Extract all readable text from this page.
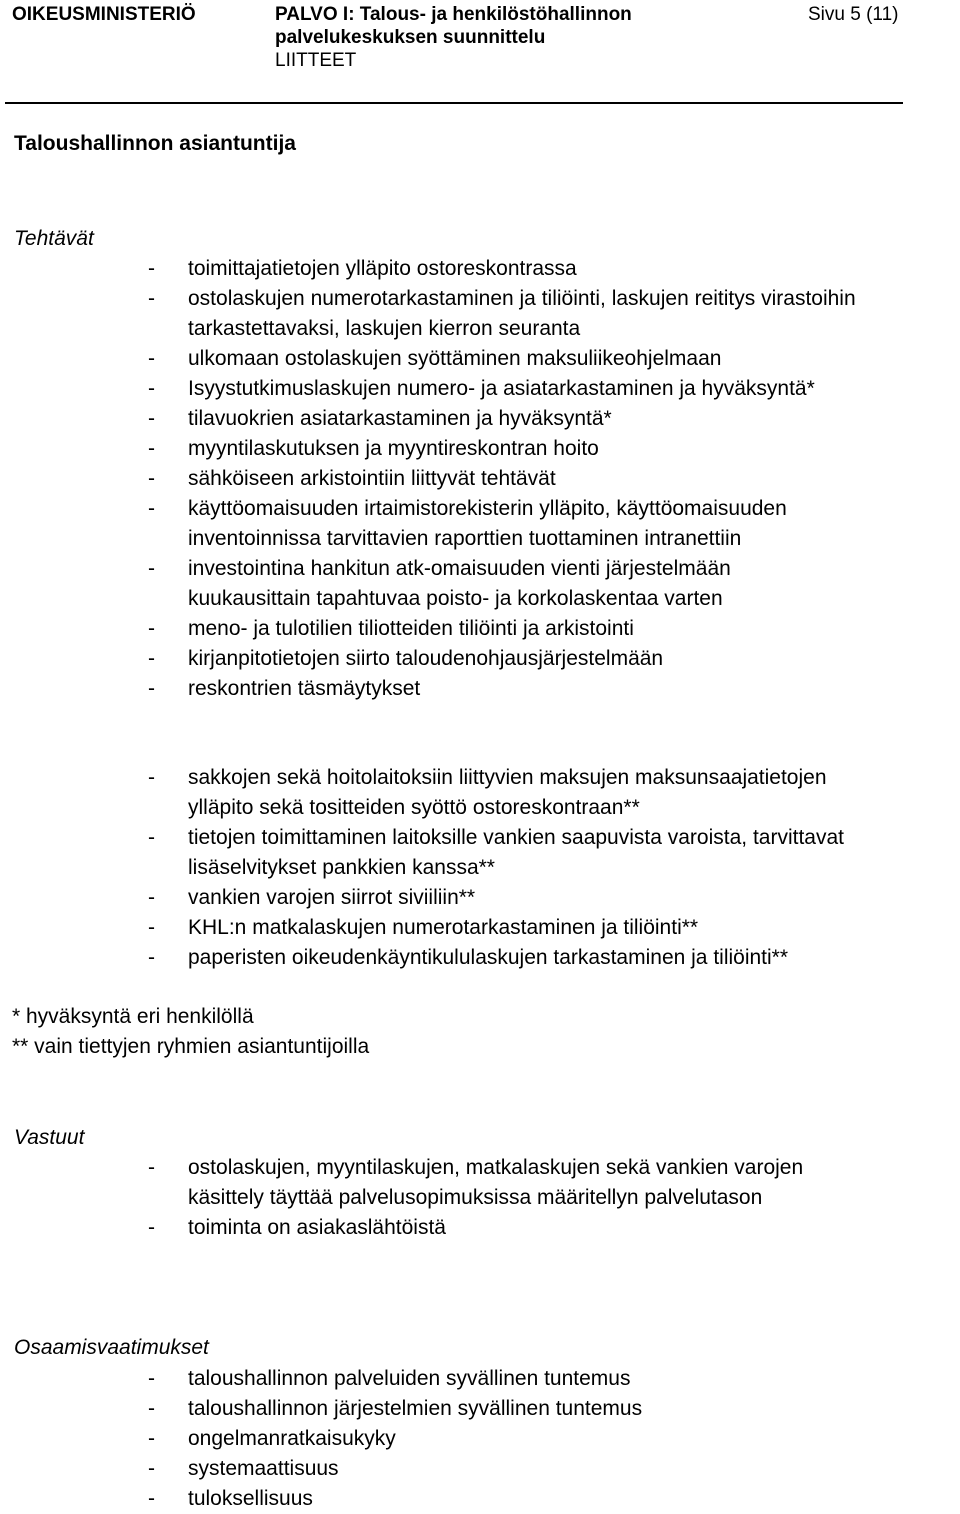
OIKEUSMINISTERIÖ	PALVO I: Talous- ja henkilöstöhallinnon
palvelukeskuksen suunnittelu
LIITTEET
Sivu 5 (11)
Taloushallinnon asiantuntija
Tehtävät
- toimittajatietojen ylläpito ostoreskontrassa
- ostolaskujen numerotarkastaminen ja tiliöinti, laskujen reititys virastoihin
tarkastettavaksi, laskujen kierron seuranta
- ulkomaan ostolaskujen syöttäminen maksuliikeohjelmaan
- Isyystutkimuslaskujen numero- ja asiatarkastaminen ja hyväksyntä*
- tilavuokrien asiatarkastaminen ja hyväksyntä*
- myyntilaskutuksen ja myyntireskontran hoito
- sähköiseen arkistointiin liittyvät tehtävät
- käyttöomaisuuden irtaimistorekisterin ylläpito, käyttöomaisuuden
inventoinnissa tarvittavien raporttien tuottaminen intranettiin
- investointina hankitun atk-omaisuuden vienti järjestelmään
kuukausittain tapahtuvaa poisto- ja korkolaskentaa varten
- meno- ja tulotilien tiliotteiden tiliöinti ja arkistointi
- kirjanpitotietojen siirto taloudenohjausjärjestelmään
- reskontrien täsmäytykset
- sakkojen sekä hoitolaitoksiin liittyvien maksujen maksunsaajatietojen
ylläpito sekä tositteiden syöttö ostoreskontraan**
- tietojen toimittaminen laitoksille vankien saapuvista varoista, tarvittavat
lisäselvitykset pankkien kanssa**
- vankien varojen siirrot siviiliin**
- KHL:n matkalaskujen numerotarkastaminen ja tiliöinti**
- paperisten oikeudenkäyntikululaskujen tarkastaminen ja tiliöinti**
* hyväksyntä eri henkilöllä
** vain tiettyjen ryhmien asiantuntijoilla
Vastuut
- ostolaskujen, myyntilaskujen, matkalaskujen sekä vankien varojen
käsittely täyttää palvelusopimuksissa määritellyn palvelutason
- toiminta on asiakaslähtöistä
Osaamisvaatimukset
- taloushallinnon palveluiden syvällinen tuntemus
- taloushallinnon järjestelmien syvällinen tuntemus
- ongelmanratkaisukyky
- systemaattisuus
- tuloksellisuus
